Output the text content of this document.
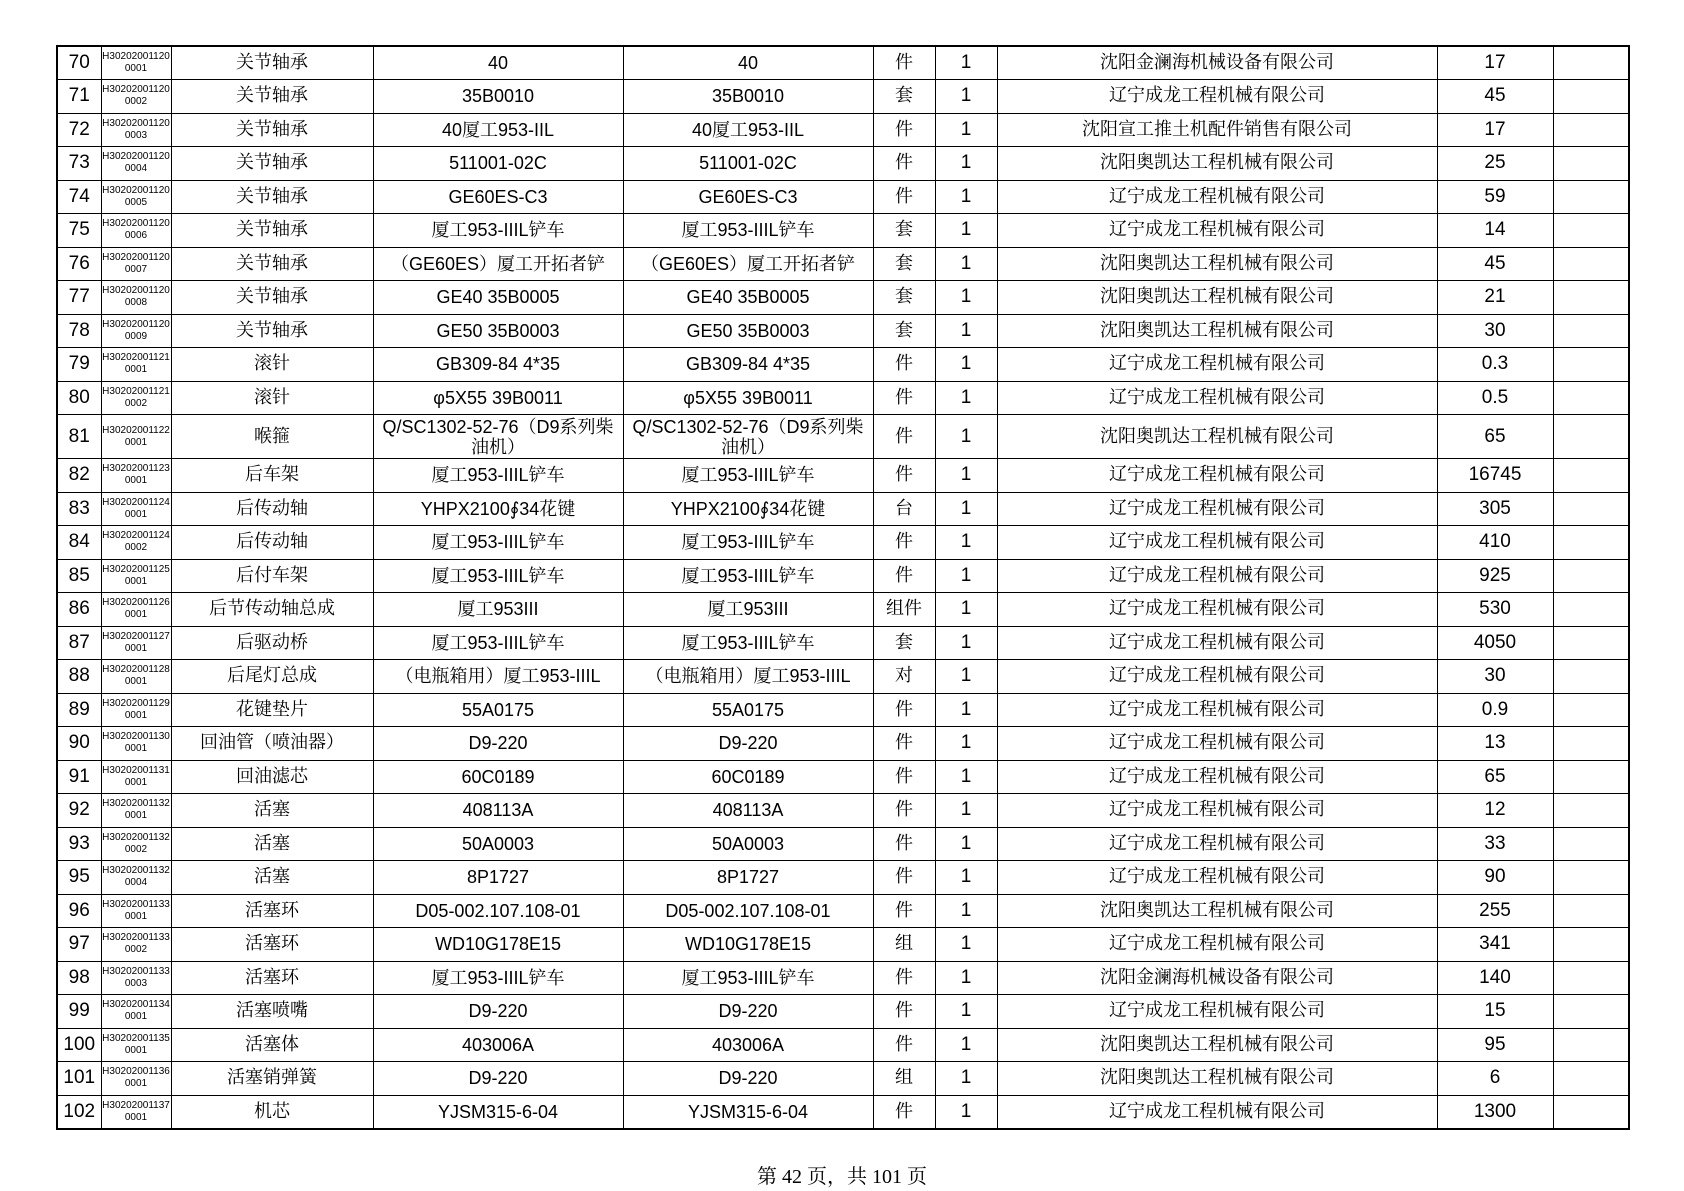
70	H302020011200001	关节轴承	40	40	件	1	沈阳金澜海机械设备有限公司	17	
71	H302020011200002	关节轴承	35B0010	35B0010	套	1	辽宁成龙工程机械有限公司	45	
72	H302020011200003	关节轴承	40厦工953-IIL	40厦工953-IIL	件	1	沈阳宣工推土机配件销售有限公司	17	
73	H302020011200004	关节轴承	511001-02C	511001-02C	件	1	沈阳奥凯达工程机械有限公司	25	
74	H302020011200005	关节轴承	GE60ES-C3	GE60ES-C3	件	1	辽宁成龙工程机械有限公司	59	
75	H302020011200006	关节轴承	厦工953-IIIL铲车	厦工953-IIIL铲车	套	1	辽宁成龙工程机械有限公司	14	
76	H302020011200007	关节轴承	（GE60ES）厦工开拓者铲	（GE60ES）厦工开拓者铲	套	1	沈阳奥凯达工程机械有限公司	45	
77	H302020011200008	关节轴承	GE40 35B0005	GE40 35B0005	套	1	沈阳奥凯达工程机械有限公司	21	
78	H302020011200009	关节轴承	GE50 35B0003	GE50 35B0003	套	1	沈阳奥凯达工程机械有限公司	30	
79	H302020011210001	滚针	GB309-84 4*35	GB309-84 4*35	件	1	辽宁成龙工程机械有限公司	0.3	
80	H302020011210002	滚针	φ5X55 39B0011	φ5X55 39B0011	件	1	辽宁成龙工程机械有限公司	0.5	
81	H302020011220001	喉箍	Q/SC1302-52-76（D9系列柴油机）	Q/SC1302-52-76（D9系列柴油机）	件	1	沈阳奥凯达工程机械有限公司	65	
82	H302020011230001	后车架	厦工953-IIIL铲车	厦工953-IIIL铲车	件	1	辽宁成龙工程机械有限公司	16745	
83	H302020011240001	后传动轴	YHPX2100∮34花键	YHPX2100∮34花键	台	1	辽宁成龙工程机械有限公司	305	
84	H302020011240002	后传动轴	厦工953-IIIL铲车	厦工953-IIIL铲车	件	1	辽宁成龙工程机械有限公司	410	
85	H302020011250001	后付车架	厦工953-IIIL铲车	厦工953-IIIL铲车	件	1	辽宁成龙工程机械有限公司	925	
86	H302020011260001	后节传动轴总成	厦工953III	厦工953III	组件	1	辽宁成龙工程机械有限公司	530	
87	H302020011270001	后驱动桥	厦工953-IIIL铲车	厦工953-IIIL铲车	套	1	辽宁成龙工程机械有限公司	4050	
88	H302020011280001	后尾灯总成	（电瓶箱用）厦工953-IIIL	（电瓶箱用）厦工953-IIIL	对	1	辽宁成龙工程机械有限公司	30	
89	H302020011290001	花键垫片	55A0175	55A0175	件	1	辽宁成龙工程机械有限公司	0.9	
90	H302020011300001	回油管（喷油器）	D9-220	D9-220	件	1	辽宁成龙工程机械有限公司	13	
91	H302020011310001	回油滤芯	60C0189	60C0189	件	1	辽宁成龙工程机械有限公司	65	
92	H302020011320001	活塞	408113A	408113A	件	1	辽宁成龙工程机械有限公司	12	
93	H302020011320002	活塞	50A0003	50A0003	件	1	辽宁成龙工程机械有限公司	33	
95	H302020011320004	活塞	8P1727	8P1727	件	1	辽宁成龙工程机械有限公司	90	
96	H302020011330001	活塞环	D05-002.107.108-01	D05-002.107.108-01	件	1	沈阳奥凯达工程机械有限公司	255	
97	H302020011330002	活塞环	WD10G178E15	WD10G178E15	组	1	辽宁成龙工程机械有限公司	341	
98	H302020011330003	活塞环	厦工953-IIIL铲车	厦工953-IIIL铲车	件	1	沈阳金澜海机械设备有限公司	140	
99	H302020011340001	活塞喷嘴	D9-220	D9-220	件	1	辽宁成龙工程机械有限公司	15	
100	H302020011350001	活塞体	403006A	403006A	件	1	沈阳奥凯达工程机械有限公司	95	
101	H302020011360001	活塞销弹簧	D9-220	D9-220	组	1	沈阳奥凯达工程机械有限公司	6	
102	H302020011370001	机芯	YJSM315-6-04	YJSM315-6-04	件	1	辽宁成龙工程机械有限公司	1300	
第 42 页，共 101 页
